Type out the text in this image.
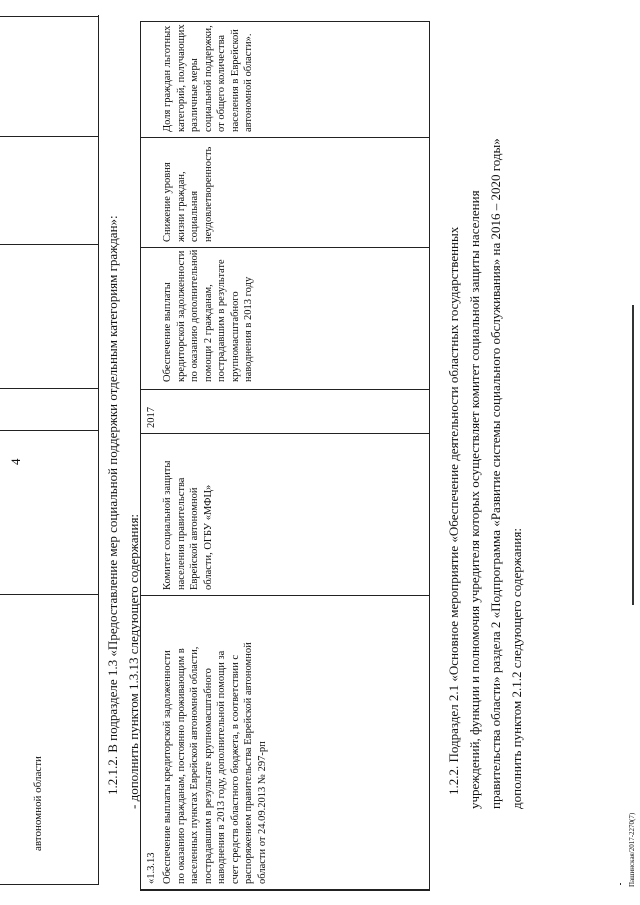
автономной области
4	1.2.1.2. В подразделе 1.3 «Предоставление мер социальной поддержки отдельным категориям граждан»: - дополнить пунктом 1.3.13 следующего содержания:
«1.3.13 Обеспечение выплаты кредиторской задолженности по оказанию гражданам, постоянно проживающим в населенных пунктах Еврейской автономной области, пострадавшим в результате крупномасштабного наводнения в 2013 году, дополнительной помощи за счет средств областного бюджета, в соответствии с распоряжением правительства Еврейской автономной области от 24.09.2013 № 297-рп
Комитет социальной защиты населения правительства Еврейской автономной области, ОГБУ «МФЦ»
2017
Обеспечение выплаты кредиторской задолженности по оказанию дополнительной помощи 2 гражданам, пострадавшим в результате крупномасштабного наводнения в 2013 году
Снижение уровня жизни граждан, социальная неудовлетворенность
Доля граждан льготных категорий, получающих различные меры социальной поддержки, от общего количества населения в Еврейской автономной области».
1.2.2. Подраздел 2.1 «Основное мероприятие «Обеспечение деятельности областных государственных учреждений, функции и полномочия учредителя которых осуществляет комитет социальной защиты населения правительства области» раздела 2 «Подпрограмма «Развитие системы социального обслуживания» на 2016 – 2020 годы» дополнить пунктом 2.1.2 следующего содержания:
Пашинская/2017-2270(7)
